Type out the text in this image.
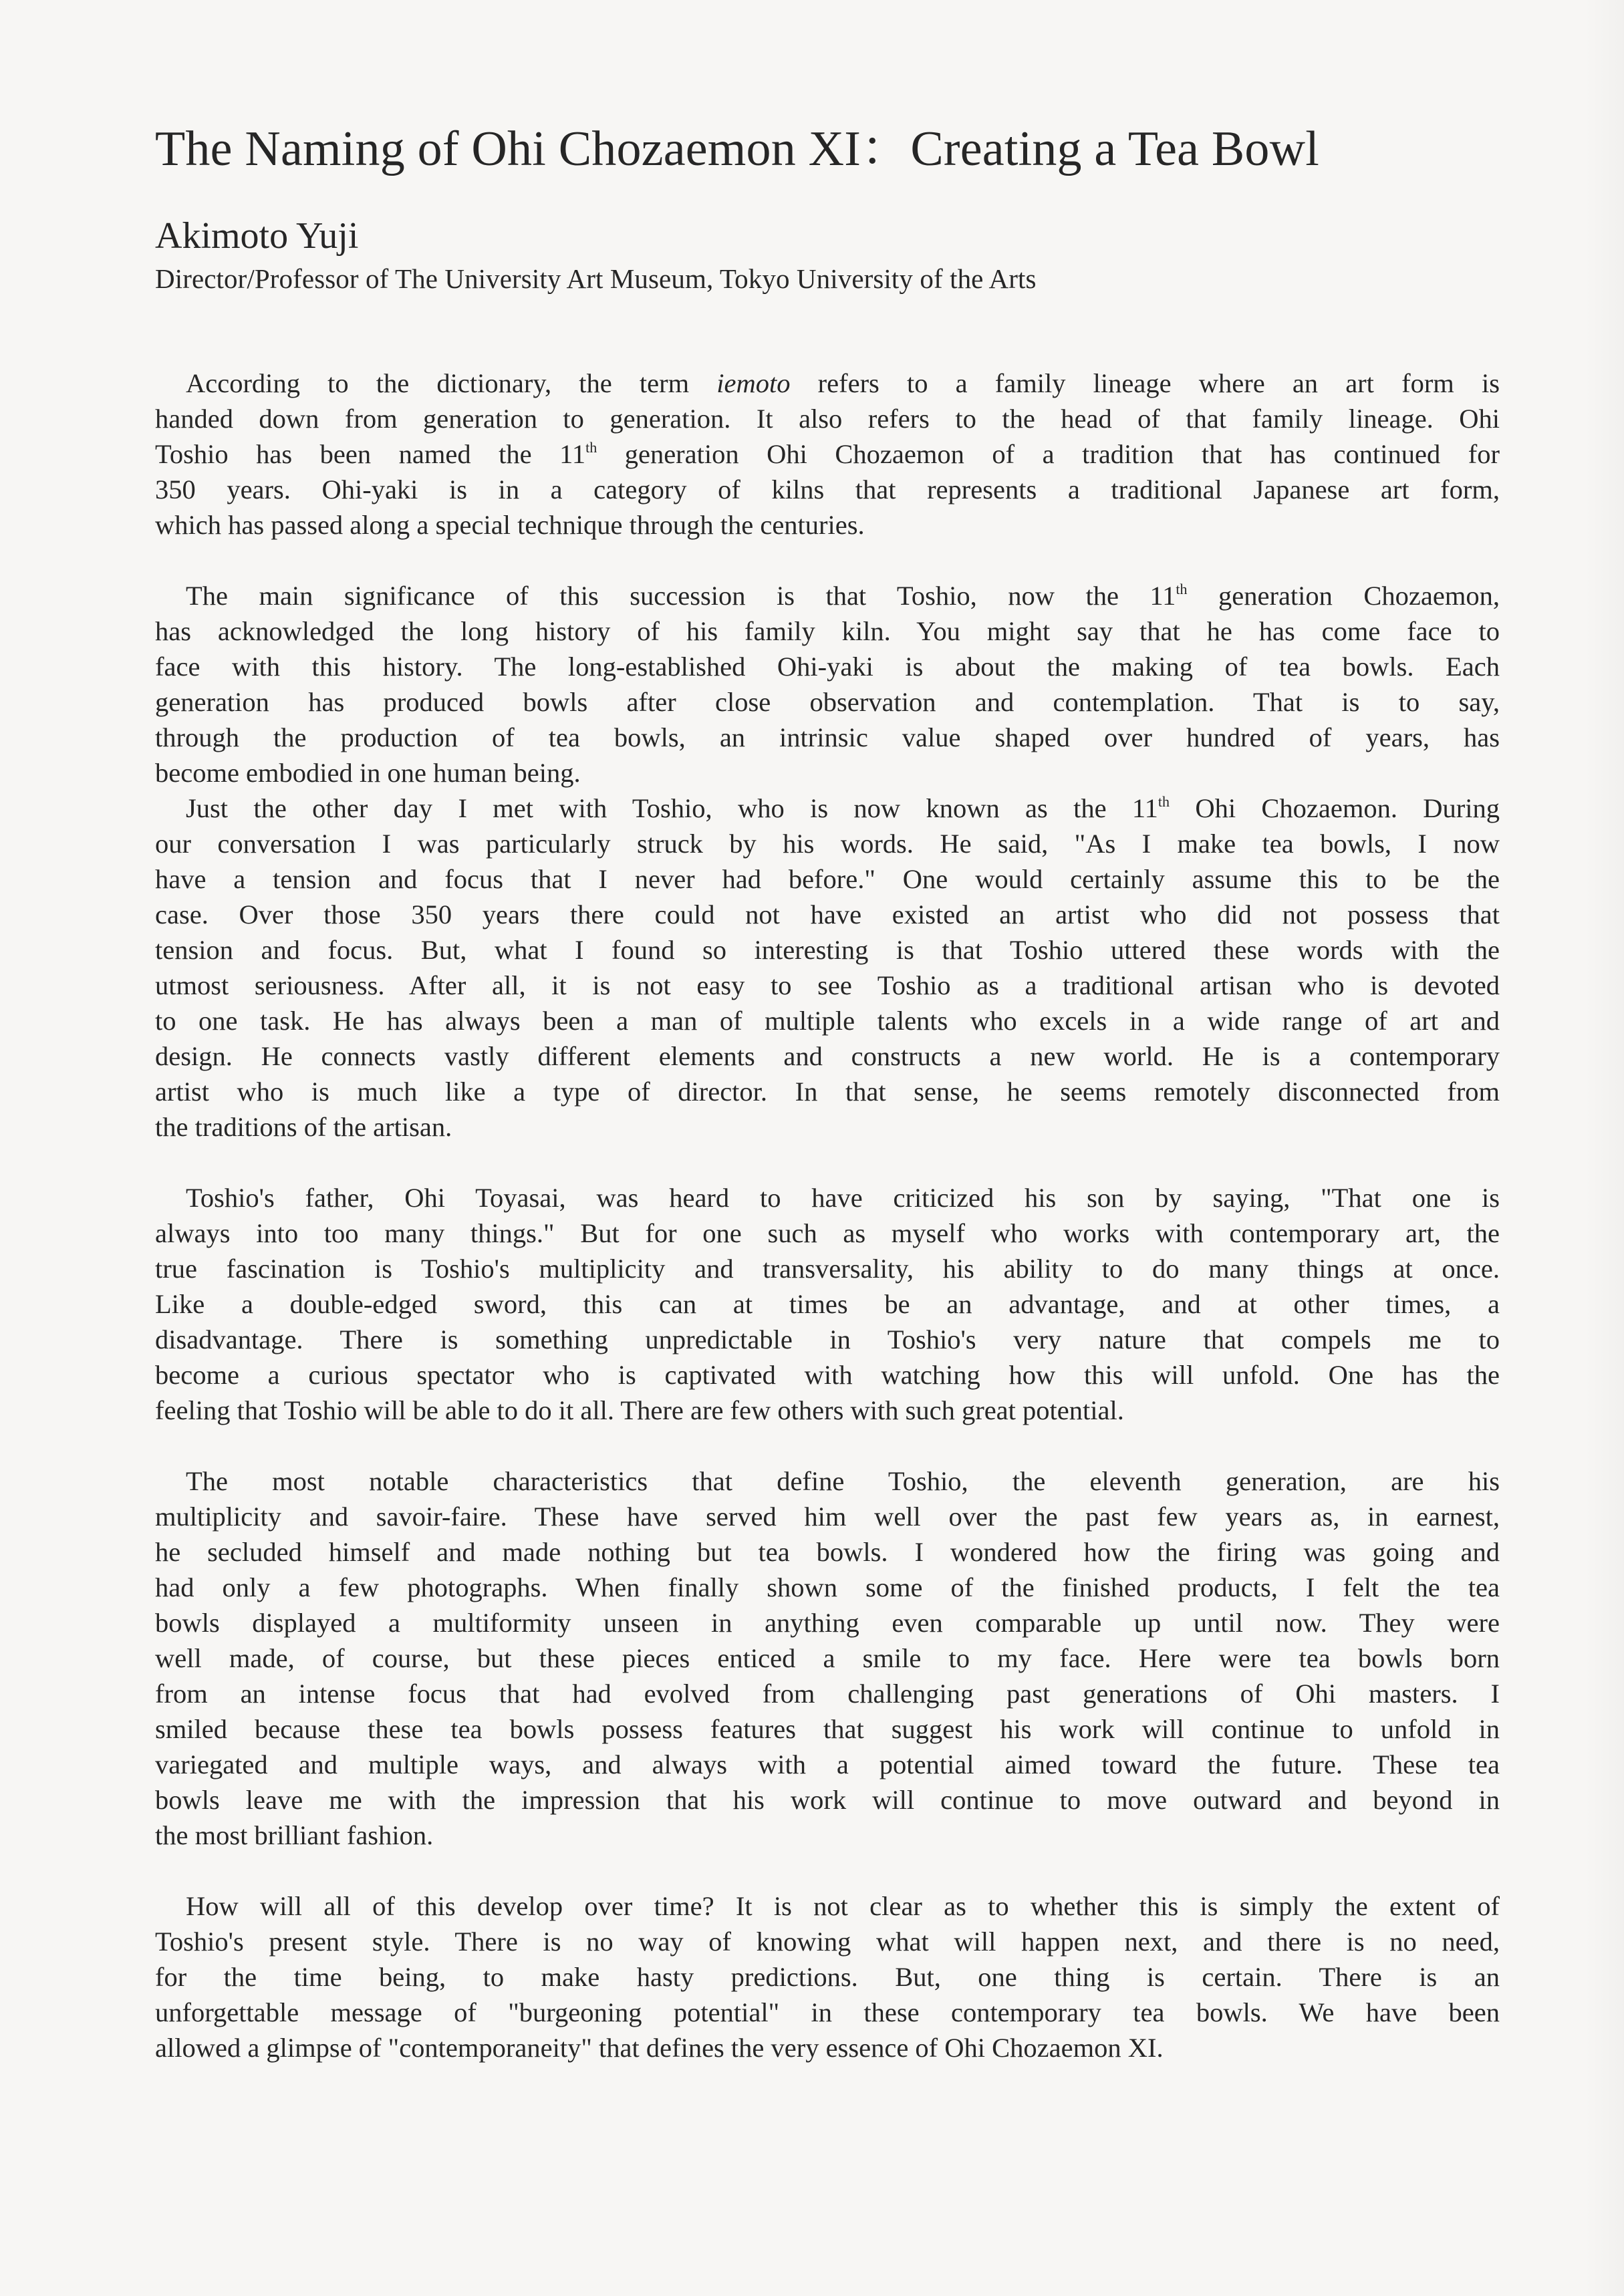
The Naming of Ohi Chozaemon XI：Creating a Tea Bowl
Akimoto Yuji

Director/Professor of The University Art Museum, Tokyo University of the Arts

According to the dictionary, the term iemoto refers to a family lineage where an art form is
handed down from generation to generation. It also refers to the head of that family lineage. Ohi
Toshio has been named the 11th generation Ohi Chozaemon of a tradition that has continued for
350 years. Ohi-yaki is in a category of kilns that represents a traditional Japanese art form,
which has passed along a special technique through the centuries.
The main significance of this succession is that Toshio, now the 11th generation Chozaemon,
has acknowledged the long history of his family kiln. You might say that he has come face to
face with this history. The long-established Ohi-yaki is about the making of tea bowls. Each
generation has produced bowls after close observation and contemplation. That is to say,
through the production of tea bowls, an intrinsic value shaped over hundred of years, has
become embodied in one human being.
Just the other day I met with Toshio, who is now known as the 11th Ohi Chozaemon. During
our conversation I was particularly struck by his words. He said, "As I make tea bowls, I now
have a tension and focus that I never had before." One would certainly assume this to be the
case. Over those 350 years there could not have existed an artist who did not possess that
tension and focus. But, what I found so interesting is that Toshio uttered these words with the
utmost seriousness. After all, it is not easy to see Toshio as a traditional artisan who is devoted
to one task. He has always been a man of multiple talents who excels in a wide range of art and
design. He connects vastly different elements and constructs a new world. He is a contemporary
artist who is much like a type of director. In that sense, he seems remotely disconnected from
the traditions of the artisan.
Toshio's father, Ohi Toyasai, was heard to have criticized his son by saying, "That one is
always into too many things." But for one such as myself who works with contemporary art, the
true fascination is Toshio's multiplicity and transversality, his ability to do many things at once.
Like a double-edged sword, this can at times be an advantage, and at other times, a
disadvantage. There is something unpredictable in Toshio's very nature that compels me to
become a curious spectator who is captivated with watching how this will unfold. One has the
feeling that Toshio will be able to do it all. There are few others with such great potential.
The most notable characteristics that define Toshio, the eleventh generation, are his
multiplicity and savoir-faire. These have served him well over the past few years as, in earnest,
he secluded himself and made nothing but tea bowls. I wondered how the firing was going and
had only a few photographs. When finally shown some of the finished products, I felt the tea
bowls displayed a multiformity unseen in anything even comparable up until now. They were
well made, of course, but these pieces enticed a smile to my face. Here were tea bowls born
from an intense focus that had evolved from challenging past generations of Ohi masters. I
smiled because these tea bowls possess features that suggest his work will continue to unfold in
variegated and multiple ways, and always with a potential aimed toward the future. These tea
bowls leave me with the impression that his work will continue to move outward and beyond in
the most brilliant fashion.
How will all of this develop over time? It is not clear as to whether this is simply the extent of
Toshio's present style. There is no way of knowing what will happen next, and there is no need,
for the time being, to make hasty predictions. But, one thing is certain. There is an
unforgettable message of "burgeoning potential" in these contemporary tea bowls. We have been
allowed a glimpse of "contemporaneity" that defines the very essence of Ohi Chozaemon XI.
